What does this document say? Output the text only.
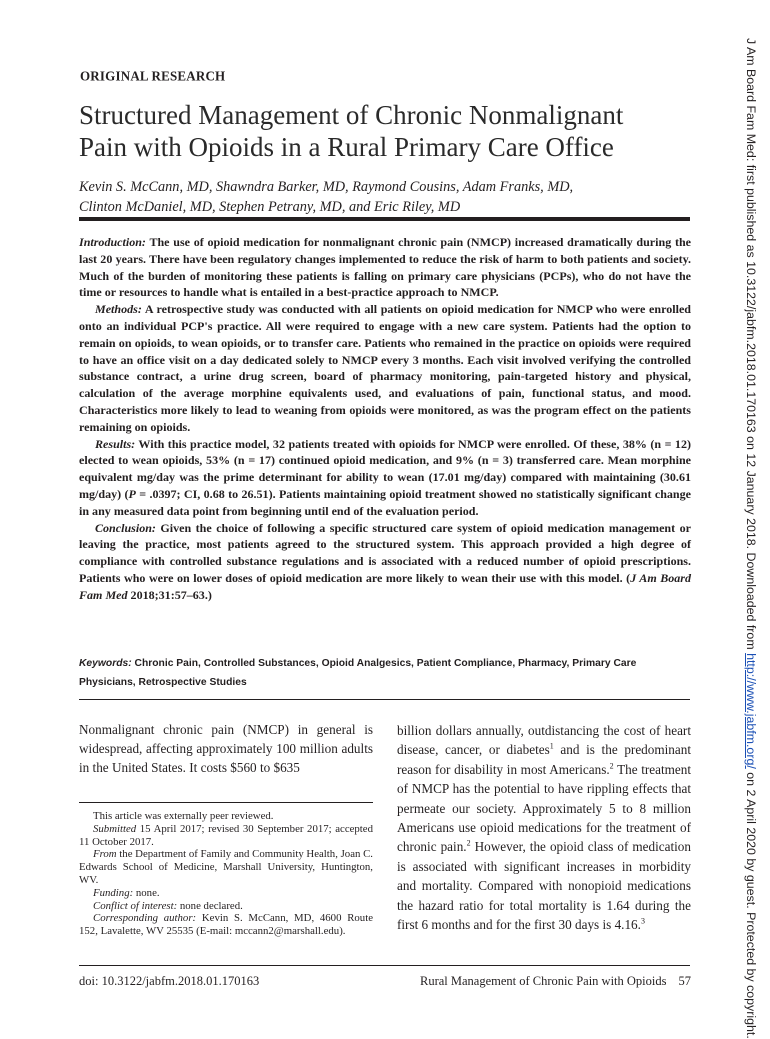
ORIGINAL RESEARCH
Structured Management of Chronic Nonmalignant
Pain with Opioids in a Rural Primary Care Office
Kevin S. McCann, MD, Shawndra Barker, MD, Raymond Cousins, Adam Franks, MD,
Clinton McDaniel, MD, Stephen Petrany, MD, and Eric Riley, MD

Introduction: The use of opioid medication for nonmalignant chronic pain (NMCP) increased dramatically during the last 20 years. There have been regulatory changes implemented to reduce the risk of harm to both patients and society. Much of the burden of monitoring these patients is falling on primary care physicians (PCPs), who do not have the time or resources to handle what is entailed in a best-practice approach to NMCP.

Methods: A retrospective study was conducted with all patients on opioid medication for NMCP who were enrolled onto an individual PCP's practice. All were required to engage with a new care system. Patients had the option to remain on opioids, to wean opioids, or to transfer care. Patients who remained in the practice on opioids were required to have an office visit on a day dedicated solely to NMCP every 3 months. Each visit involved verifying the controlled substance contract, a urine drug screen, board of pharmacy monitoring, pain-targeted history and physical, calculation of the average morphine equivalents used, and evaluations of pain, functional status, and mood. Characteristics more likely to lead to weaning from opioids were monitored, as was the program effect on the patients remaining on opioids.

Results: With this practice model, 32 patients treated with opioids for NMCP were enrolled. Of these, 38% (n = 12) elected to wean opioids, 53% (n = 17) continued opioid medication, and 9% (n = 3) transferred care. Mean morphine equivalent mg/day was the prime determinant for ability to wean (17.01 mg/day) compared with maintaining (30.61 mg/day) (P = .0397; CI, 0.68 to 26.51). Patients maintaining opioid treatment showed no statistically significant change in any measured data point from beginning until end of the evaluation period.

Conclusion: Given the choice of following a specific structured care system of opioid medication management or leaving the practice, most patients agreed to the structured system. This approach provided a high degree of compliance with controlled substance regulations and is associated with a reduced number of opioid prescriptions. Patients who were on lower doses of opioid medication are more likely to wean their use with this model. (J Am Board Fam Med 2018;31:57–63.)

Keywords: Chronic Pain, Controlled Substances, Opioid Analgesics, Patient Compliance, Pharmacy, Primary Care Physicians, Retrospective Studies

Nonmalignant chronic pain (NMCP) in general is widespread, affecting approximately 100 million adults in the United States. It costs $560 to $635

billion dollars annually, outdistancing the cost of heart disease, cancer, or diabetes$^1$ and is the predominant reason for disability in most Americans.$^2$ The treatment of NMCP has the potential to have rippling effects that permeate our society. Approximately 5 to 8 million Americans use opioid medications for the treatment of chronic pain.$^2$ However, the opioid class of medication is associated with significant increases in morbidity and mortality. Compared with nonopioid medications the hazard ratio for total mortality is 1.64 during the first 6 months and for the first 30 days is 4.16.$^3$

This article was externally peer reviewed.

Submitted 15 April 2017; revised 30 September 2017; accepted 11 October 2017.

From the Department of Family and Community Health, Joan C. Edwards School of Medicine, Marshall University, Huntington, WV.

Funding: none.

Conflict of interest: none declared.

Corresponding author: Kevin S. McCann, MD, 4600 Route 152, Lavalette, WV 25535 (E-mail: mccann2@marshall.edu).

doi: 10.3122/jabfm.2018.01.170163	Rural Management of Chronic Pain with Opioids 57
J Am Board Fam Med: first published as 10.3122/jabfm.2018.01.170163 on 12 January 2018. Downloaded from http://www.jabfm.org/ on 2 April 2020 by guest. Protected by copyright.
